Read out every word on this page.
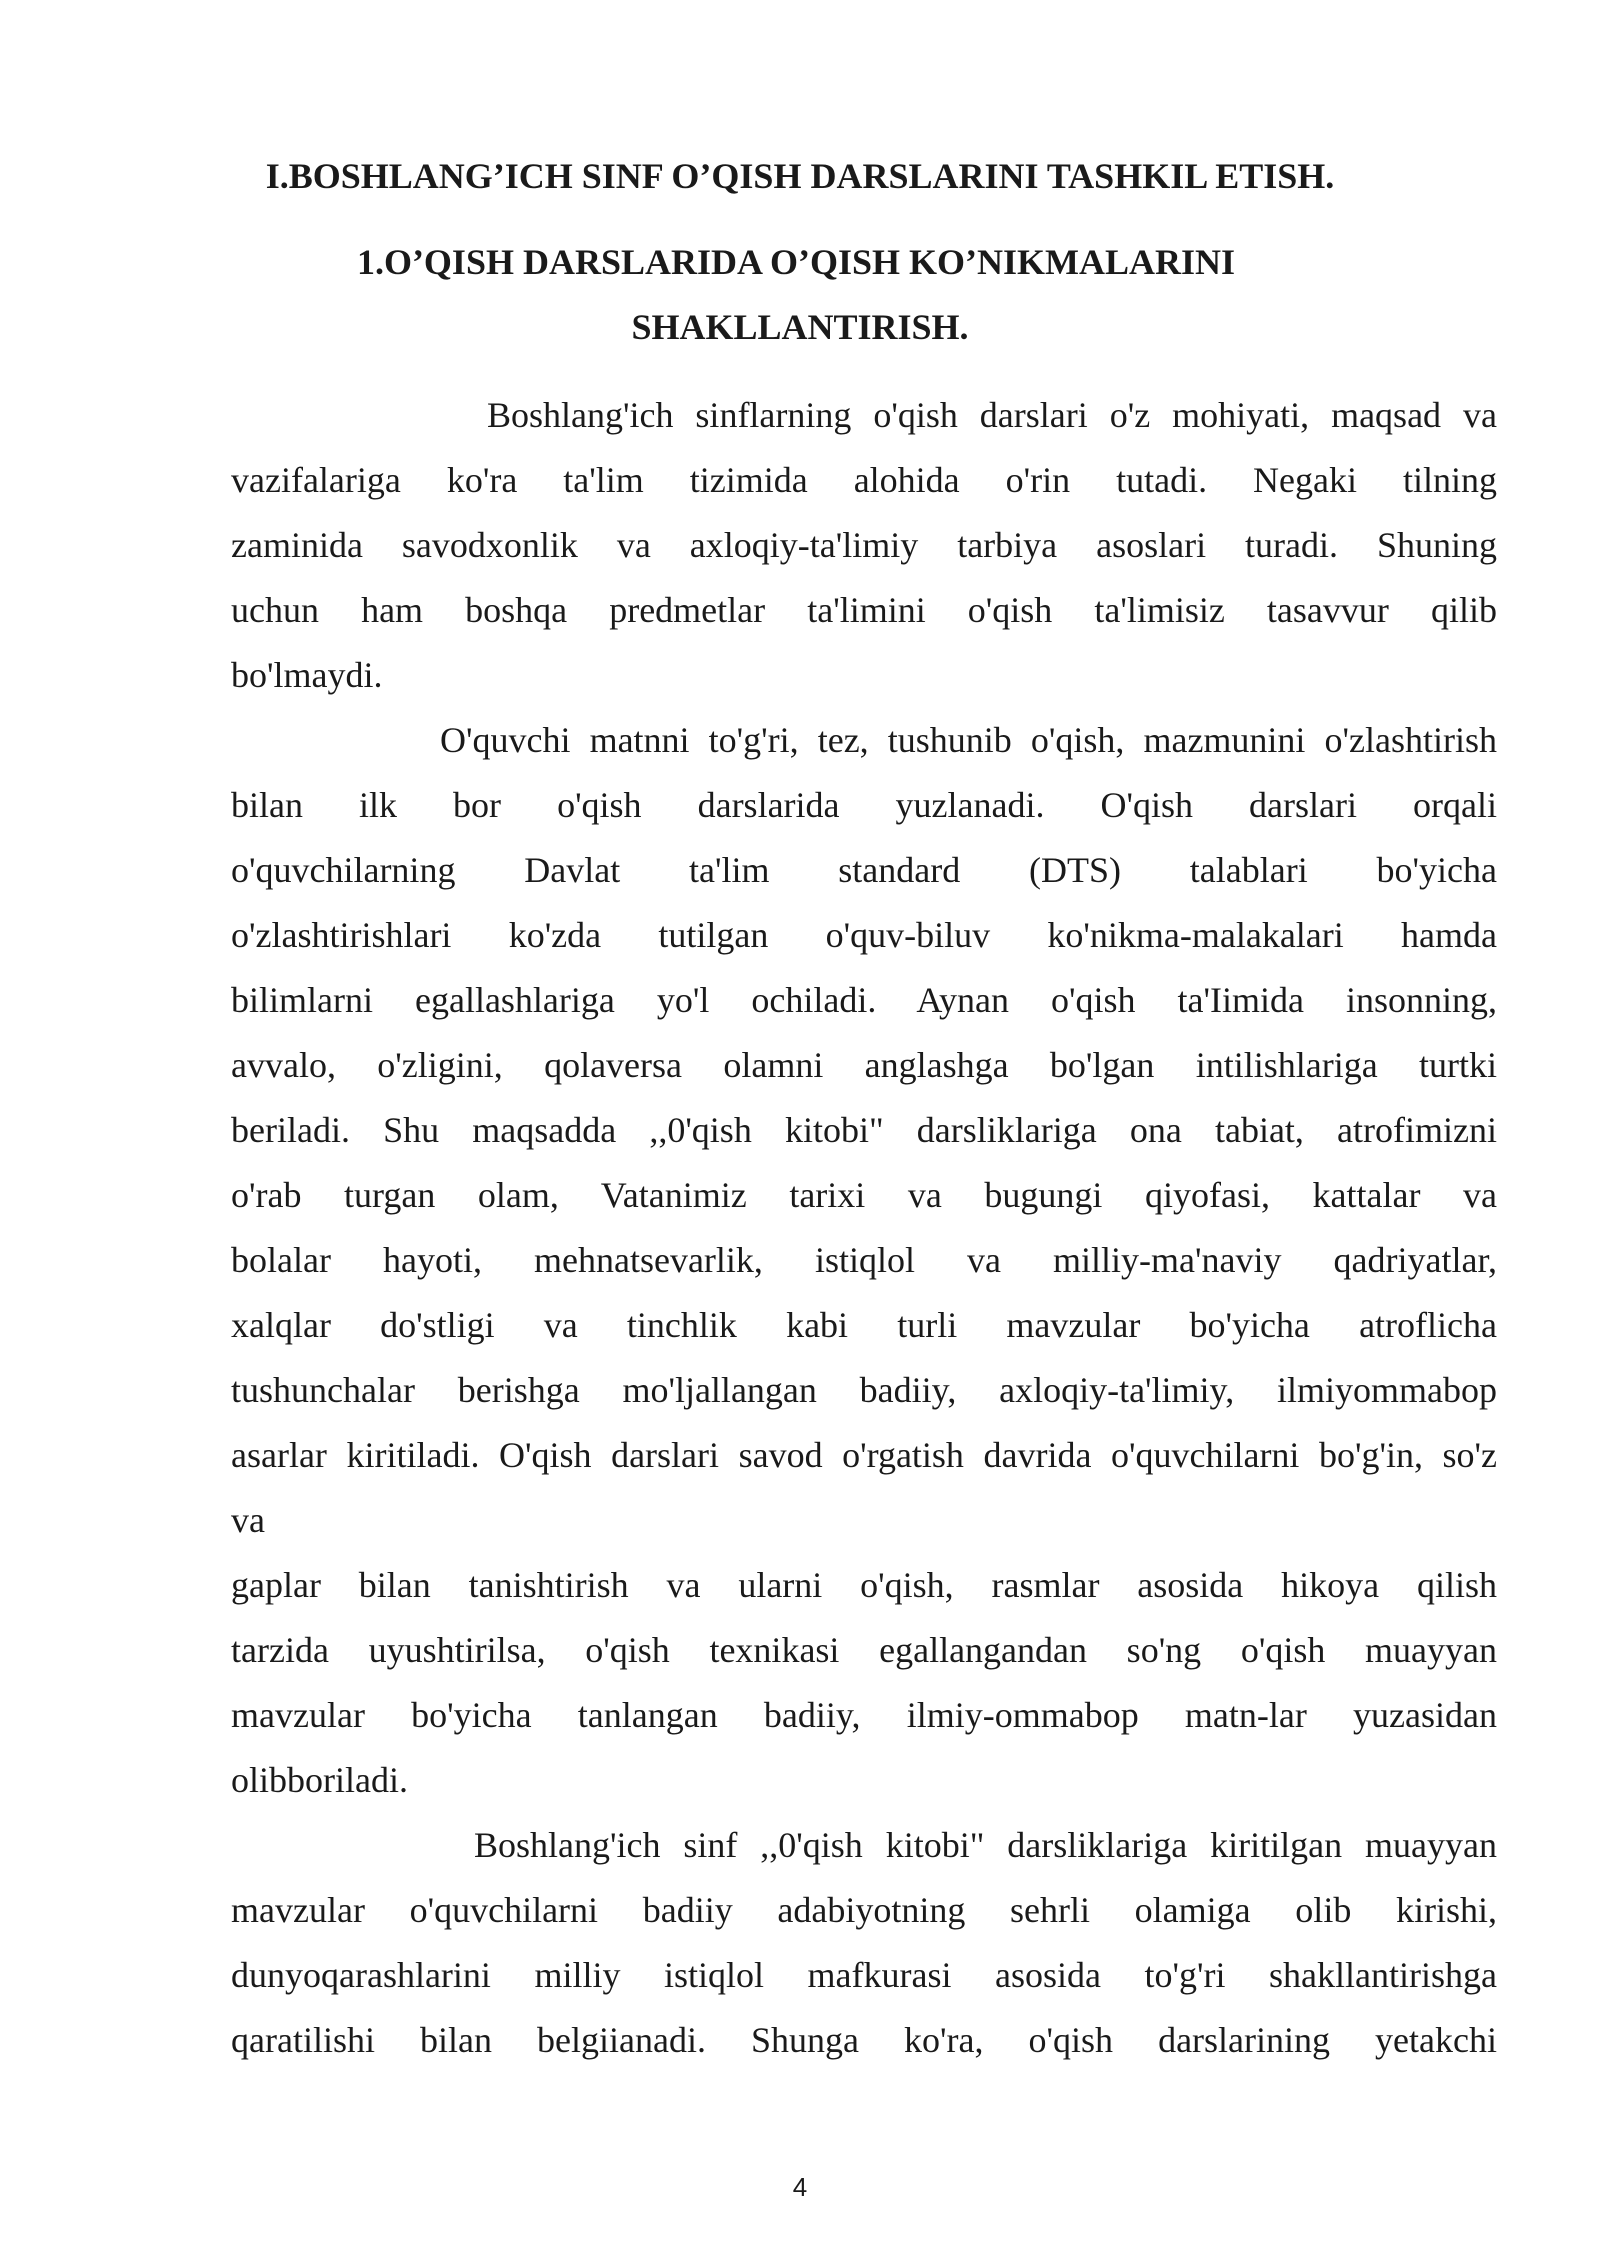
I.BOSHLANG’ICH SINF O’QISH DARSLARINI TASHKIL ETISH.
1.O’QISH DARSLARIDA O’QISH KO’NIKMALARINI
SHAKLLANTIRISH.
Boshlang'ich sinflarning o'qish darslari o'z mohiyati, maqsad va
vazifalariga ko'ra ta'lim tizimida alohida o'rin tutadi. Negaki tilning
zaminida savodxonlik va axloqiy-ta'limiy tarbiya asoslari turadi. Shuning
uchun ham boshqa predmetlar ta'limini o'qish ta'limisiz tasavvur qilib
bo'lmaydi.
O'quvchi matnni to'g'ri, tez, tushunib o'qish, mazmunini o'zlashtirish
bilan ilk bor o'qish darslarida yuzlanadi. O'qish darslari orqali
o'quvchilarning Davlat ta'lim standard (DTS) talablari bo'yicha
o'zlashtirishlari ko'zda tutilgan o'quv-biluv ko'nikma-malakalari hamda
bilimlarni egallashlariga yo'l ochiladi. Aynan o'qish ta'Iimida insonning,
avvalo, o'zligini, qolaversa olamni anglashga bo'lgan intilishlariga turtki
beriladi. Shu maqsadda ,,0'qish kitobi" darsliklariga ona tabiat, atrofimizni
o'rab turgan olam, Vatanimiz tarixi va bugungi qiyofasi, kattalar va
bolalar hayoti, mehnatsevarlik, istiqlol va milliy-ma'naviy qadriyatlar,
xalqlar do'stligi va tinchlik kabi turli mavzular bo'yicha atroflicha
tushunchalar berishga mo'ljallangan badiiy, axloqiy-ta'limiy, ilmiyommabop
asarlar kiritiladi. O'qish darslari savod o'rgatish davrida o'quvchilarni bo'g'in, so'z
va
gaplar bilan tanishtirish va ularni o'qish, rasmlar asosida hikoya qilish
tarzida uyushtirilsa, o'qish texnikasi egallangandan so'ng o'qish muayyan
mavzular bo'yicha tanlangan badiiy, ilmiy-ommabop matn-lar yuzasidan
olibboriladi.
Boshlang'ich sinf ,,0'qish kitobi" darsliklariga kiritilgan muayyan
mavzular o'quvchilarni badiiy adabiyotning sehrli olamiga olib kirishi,
dunyoqarashlarini milliy istiqlol mafkurasi asosida to'g'ri shakllantirishga
qaratilishi bilan belgiianadi. Shunga ko'ra, o'qish darslarining yetakchi
4
